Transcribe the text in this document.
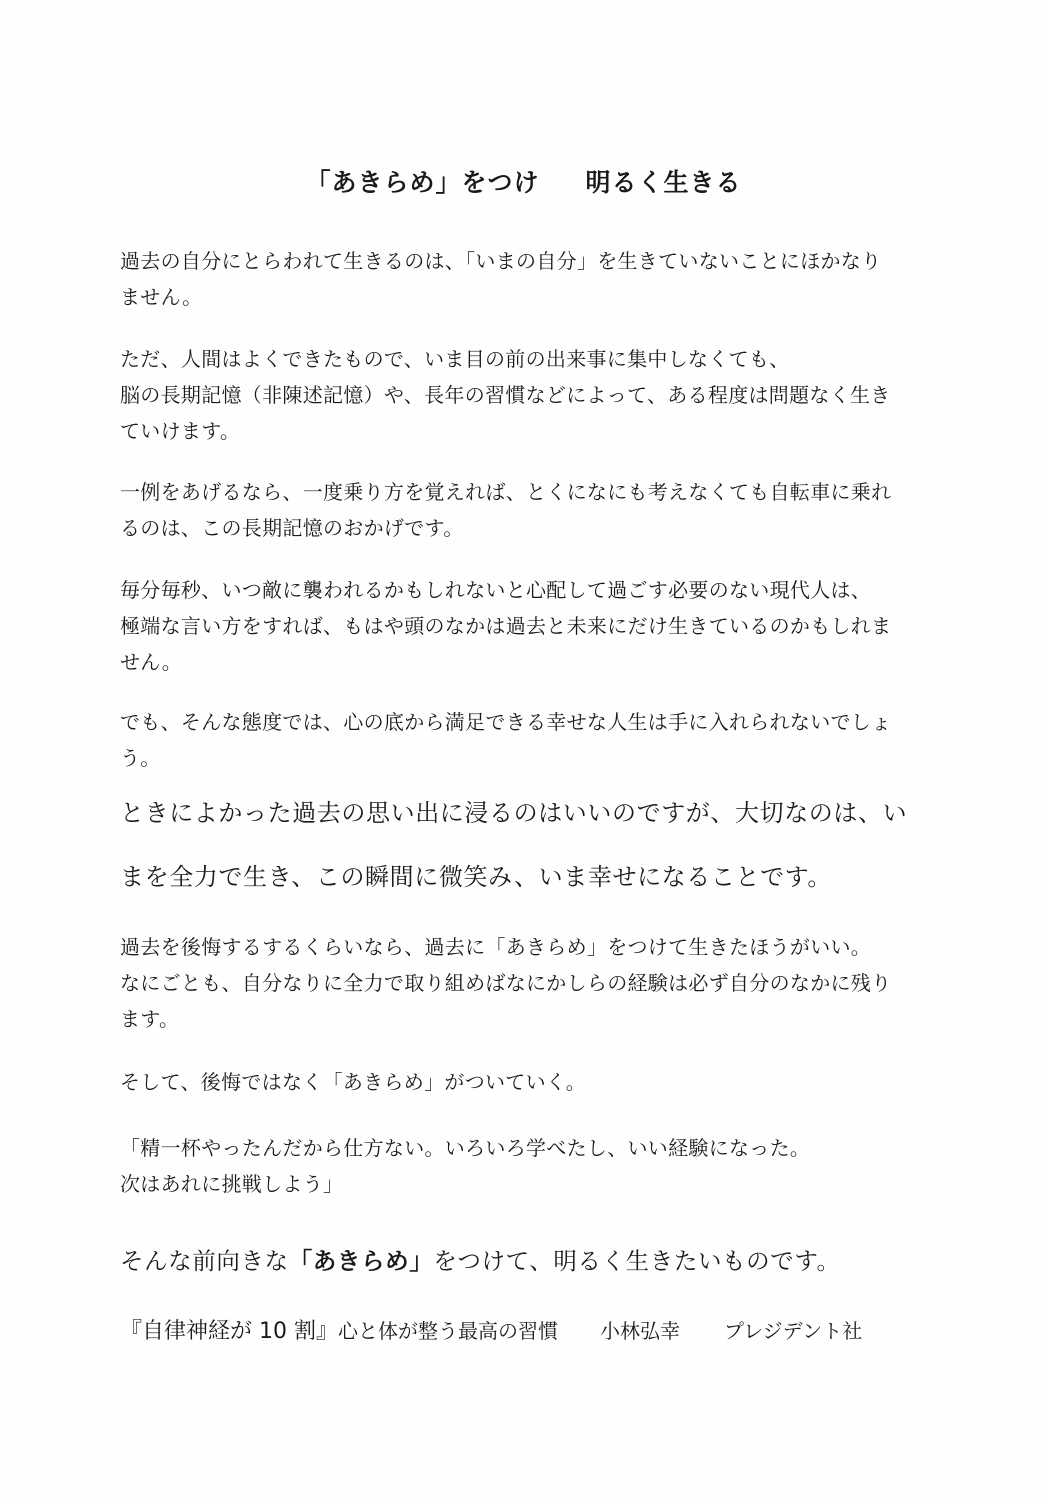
「あきらめ」をつけ 明るく生きる

過去の自分にとらわれて生きるのは、「いまの自分」を生きていないことにほかなり
ません。

ただ、人間はよくできたもので、いま目の前の出来事に集中しなくても、
脳の長期記憶（非陳述記憶）や、長年の習慣などによって、ある程度は問題なく生き
ていけます。

一例をあげるなら、一度乗り方を覚えれば、とくになにも考えなくても自転車に乗れ
るのは、この長期記憶のおかげです。

毎分毎秒、いつ敵に襲われるかもしれないと心配して過ごす必要のない現代人は、
極端な言い方をすれば、もはや頭のなかは過去と未来にだけ生きているのかもしれま
せん。

でも、そんな態度では、心の底から満足できる幸せな人生は手に入れられないでしょ
う。

ときによかった過去の思い出に浸るのはいいのですが、大切なのは、い
まを全力で生き、この瞬間に微笑み、いま幸せになることです。

過去を後悔するするくらいなら、過去に「あきらめ」をつけて生きたほうがいい。
なにごとも、自分なりに全力で取り組めばなにかしらの経験は必ず自分のなかに残り
ます。

そして、後悔ではなく「あきらめ」がついていく。

「精一杯やったんだから仕方ない。いろいろ学べたし、いい経験になった。
次はあれに挑戦しよう」

そんな前向きな「あきらめ」をつけて、明るく生きたいものです。

『自律神経が 10 割』心と体が整う最高の習慣 小林弘幸 プレジデント社
